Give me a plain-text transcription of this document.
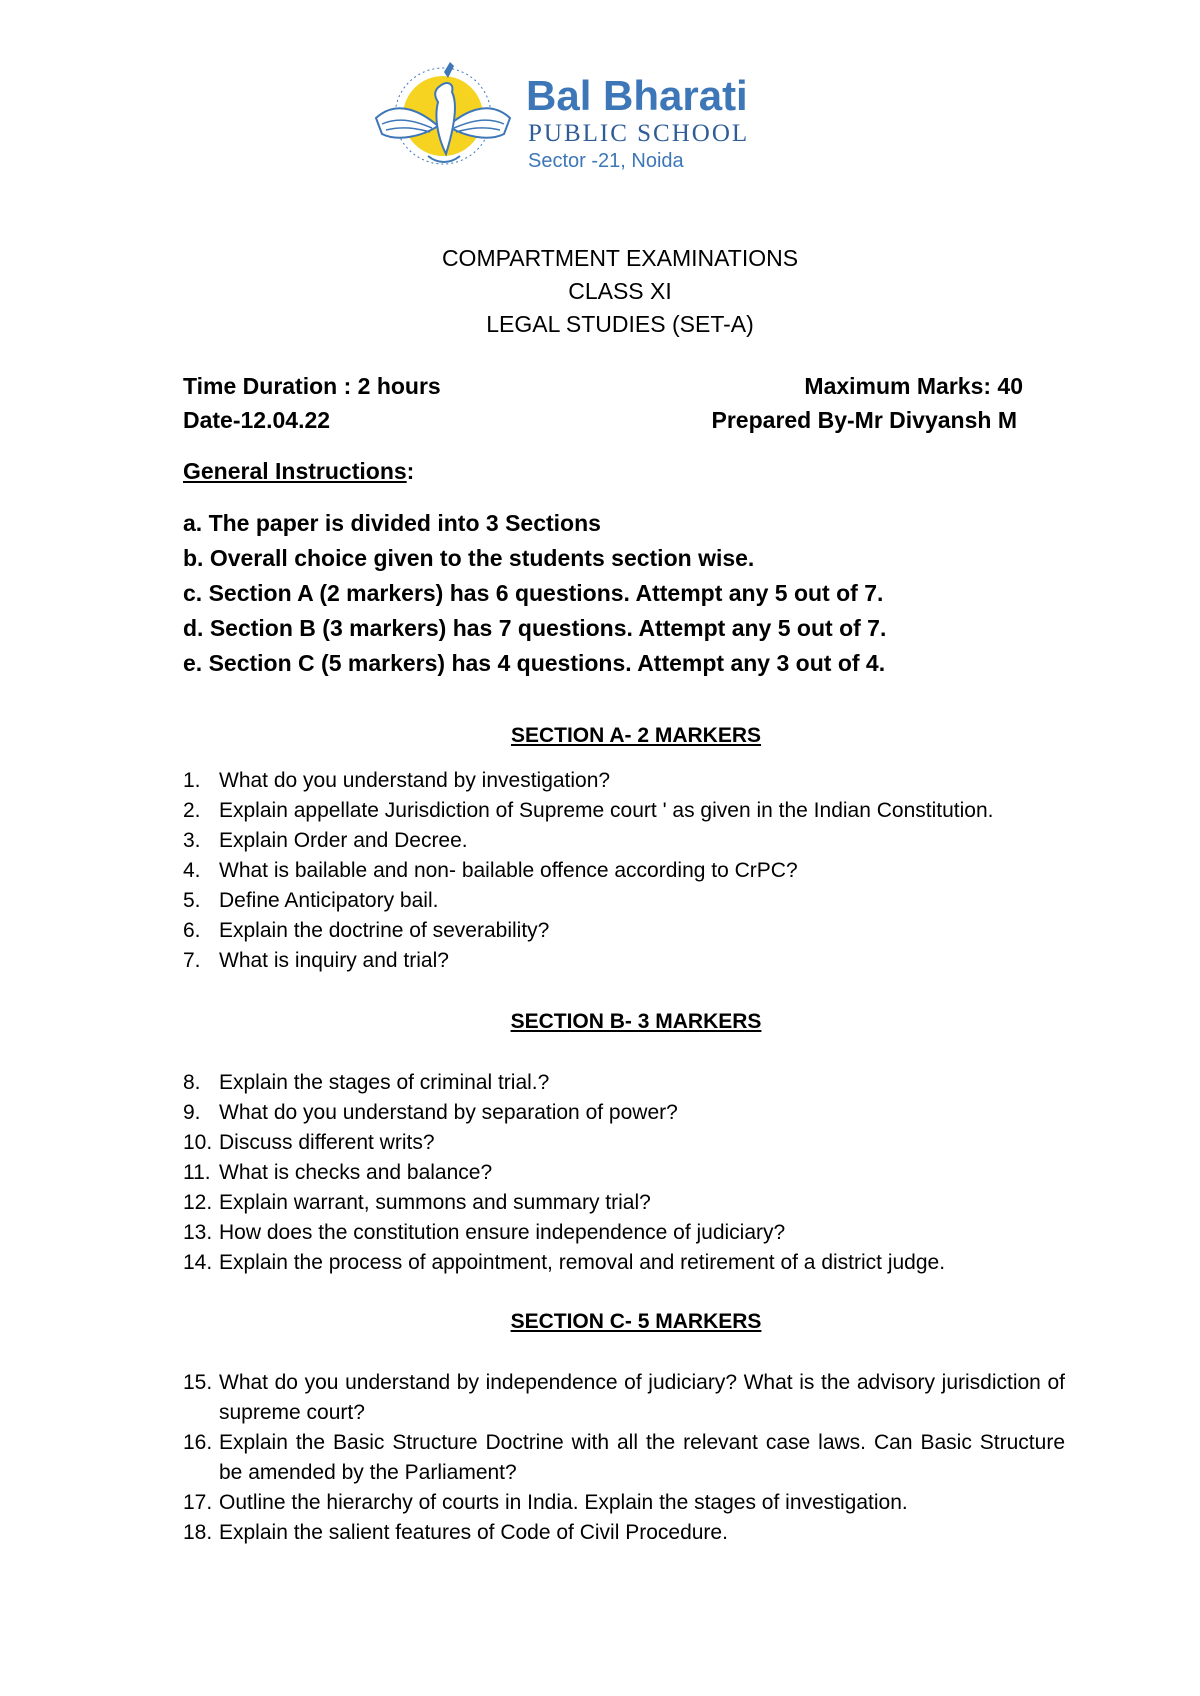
Bal Bharati
PUBLIC SCHOOL
Sector -21, Noida
COMPARTMENT EXAMINATIONS
CLASS XI
LEGAL STUDIES (SET-A)
Time Duration : 2 hours	Maximum Marks: 40
Date-12.04.22	Prepared By-Mr Divyansh M
General Instructions:
a. The paper is divided into 3 Sections
b. Overall choice given to the students section wise.
c. Section A (2 markers) has 6 questions. Attempt any 5 out of 7.
d. Section B (3 markers) has 7 questions. Attempt any 5 out of 7.
e. Section C (5 markers) has 4 questions. Attempt any 3 out of 4.
SECTION A- 2 MARKERS
1. What do you understand by investigation?
2. Explain appellate Jurisdiction of Supreme court ' as given in the Indian Constitution.
3. Explain Order and Decree.
4. What is bailable and non- bailable offence according to CrPC?
5. Define Anticipatory bail.
6. Explain the doctrine of severability?
7. What is inquiry and trial?
SECTION B- 3 MARKERS
8. Explain the stages of criminal trial.?
9. What do you understand by separation of power?
10. Discuss different writs?
11. What is checks and balance?
12. Explain warrant, summons and summary trial?
13. How does the constitution ensure independence of judiciary?
14. Explain the process of appointment, removal and retirement of a district judge.
SECTION C- 5 MARKERS
15. What do you understand by independence of judiciary? What is the advisory jurisdiction of supreme court?
16. Explain the Basic Structure Doctrine with all the relevant case laws. Can Basic Structure be amended by the Parliament?
17. Outline the hierarchy of courts in India. Explain the stages of investigation.
18. Explain the salient features of Code of Civil Procedure.
